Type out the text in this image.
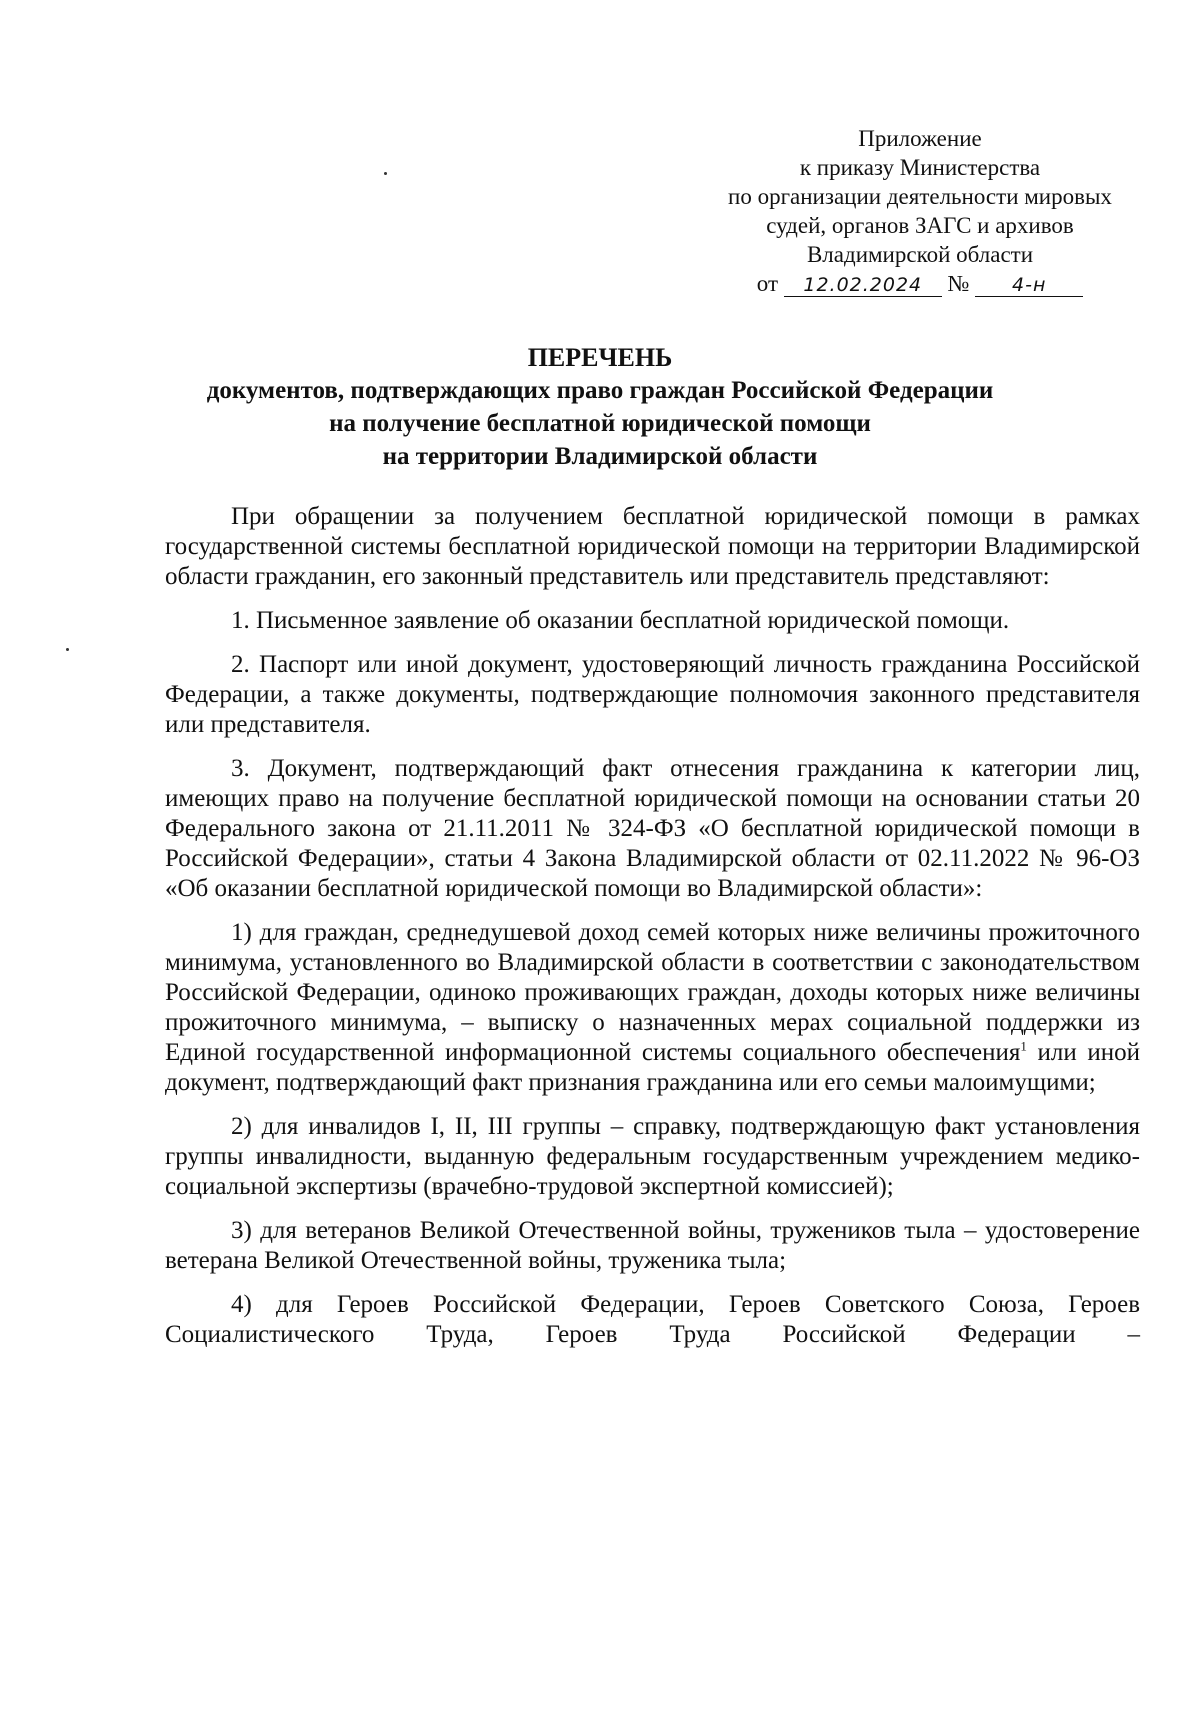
Приложение
к приказу Министерства
по организации деятельности мировых
судей, органов ЗАГС и архивов
Владимирской области
от 12.02.2024 № 4-н
ПЕРЕЧЕНЬ
документов, подтверждающих право граждан Российской Федерации
на получение бесплатной юридической помощи
на территории Владимирской области

При обращении за получением бесплатной юридической помощи в рамках государственной системы бесплатной юридической помощи на территории Владимирской области гражданин, его законный представитель или представитель представляют:

1. Письменное заявление об оказании бесплатной юридической помощи.

2. Паспорт или иной документ, удостоверяющий личность гражданина Российской Федерации, а также документы, подтверждающие полномочия законного представителя или представителя.

3. Документ, подтверждающий факт отнесения гражданина к категории лиц, имеющих право на получение бесплатной юридической помощи на основании статьи 20 Федерального закона от 21.11.2011 № 324-ФЗ «О бесплатной юридической помощи в Российской Федерации», статьи 4 Закона Владимирской области от 02.11.2022 № 96-ОЗ «Об оказании бесплатной юридической помощи во Владимирской области»:

1) для граждан, среднедушевой доход семей которых ниже величины прожиточного минимума, установленного во Владимирской области в соответствии с законодательством Российской Федерации, одиноко проживающих граждан, доходы которых ниже величины прожиточного минимума, – выписку о назначенных мерах социальной поддержки из Единой государственной информационной системы социального обеспечения$^1$ или иной документ, подтверждающий факт признания гражданина или его семьи малоимущими;

2) для инвалидов I, II, III группы – справку, подтверждающую факт установления группы инвалидности, выданную федеральным государственным учреждением медико-социальной экспертизы (врачебно-трудовой экспертной комиссией);

3) для ветеранов Великой Отечественной войны, тружеников тыла – удостоверение ветерана Великой Отечественной войны, труженика тыла;

4) для Героев Российской Федерации, Героев Советского Союза, Героев Социалистического Труда, Героев Труда Российской Федерации –
